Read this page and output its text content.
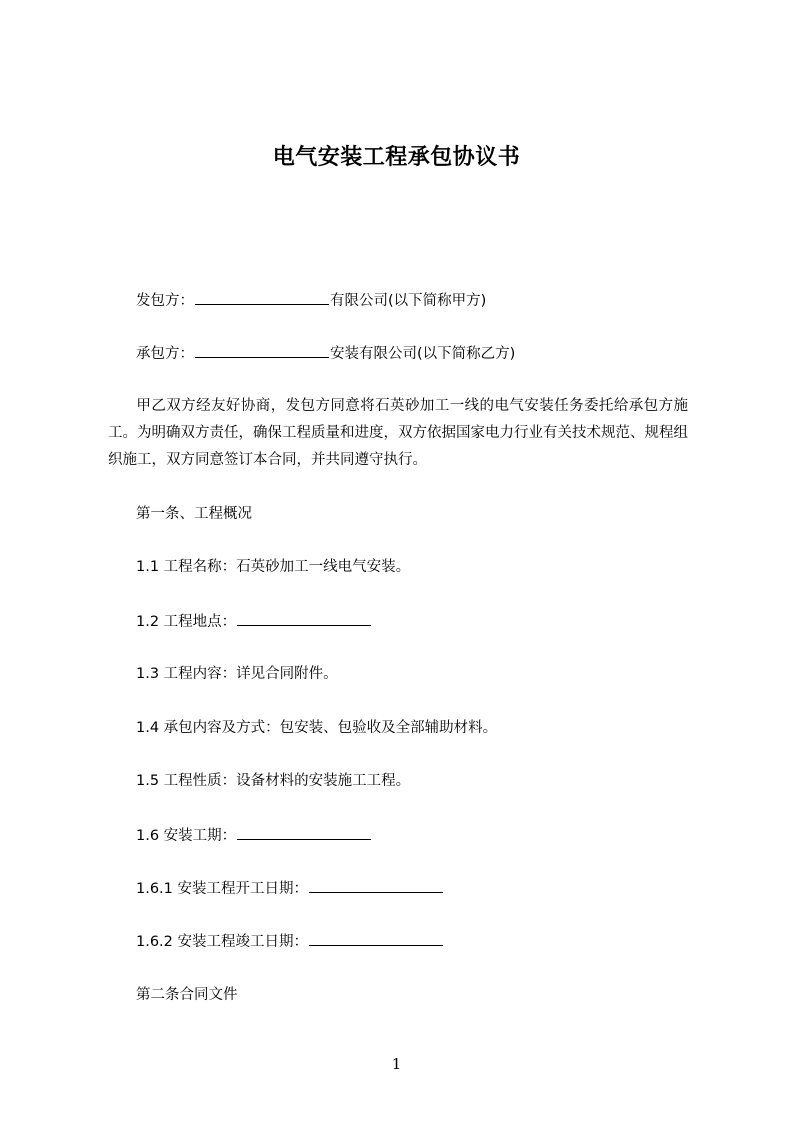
电气安装工程承包协议书
发包方：	有限公司(以下简称甲方)
承包方：	安装有限公司(以下简称乙方)
甲乙双方经友好协商，发包方同意将石英砂加工一线的电气安装任务委托给承包方施工。为明确双方责任，确保工程质量和进度，双方依据国家电力行业有关技术规范、规程组织施工，双方同意签订本合同，并共同遵守执行。
第一条、工程概况
1.1 工程名称：石英砂加工一线电气安装。
1.2 工程地点：
1.3 工程内容：详见合同附件。
1.4 承包内容及方式：包安装、包验收及全部辅助材料。
1.5 工程性质：设备材料的安装施工工程。
1.6 安装工期：
1.6.1 安装工程开工日期：
1.6.2 安装工程竣工日期：
第二条合同文件
1
